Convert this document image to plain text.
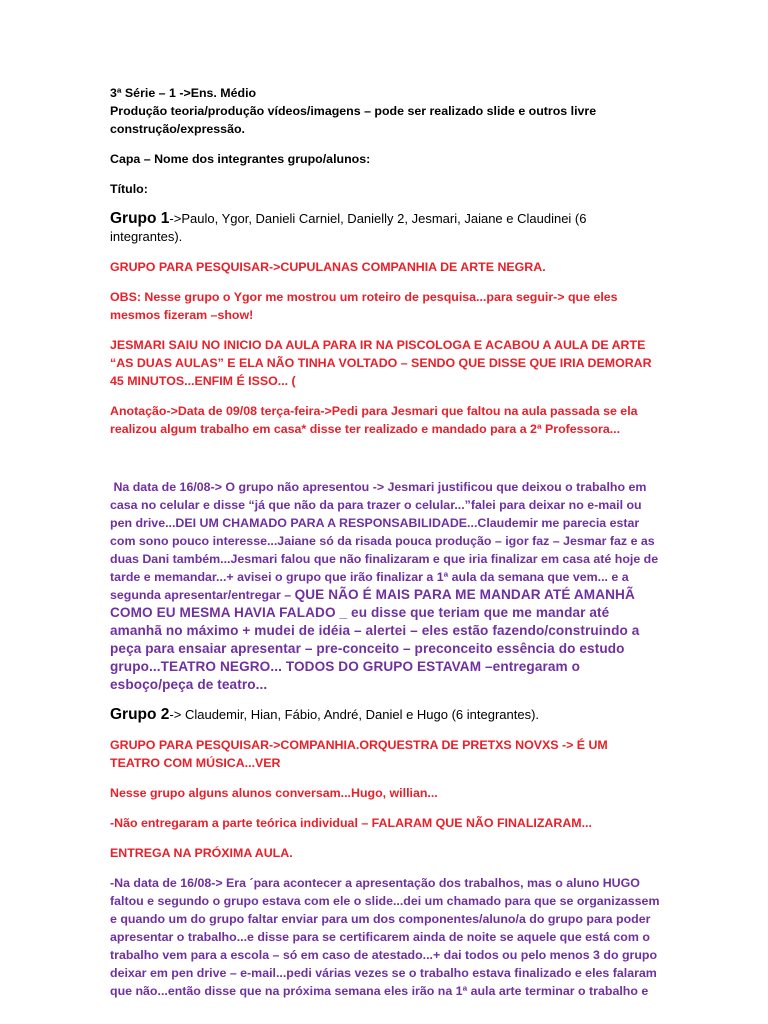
3ª Série – 1 ->Ens. Médio

Produção teoria/produção vídeos/imagens – pode ser realizado slide e outros livre construção/expressão.

Capa – Nome dos integrantes grupo/alunos:

Título:

Grupo 1->Paulo, Ygor, Danieli Carniel, Danielly 2, Jesmari, Jaiane e Claudinei (6 integrantes).

GRUPO PARA PESQUISAR->CUPULANAS COMPANHIA DE ARTE NEGRA.

OBS: Nesse grupo o Ygor me mostrou um roteiro de pesquisa...para seguir-> que eles mesmos fizeram –show!

JESMARI SAIU NO INICIO DA AULA PARA IR NA PISCOLOGA E ACABOU A AULA DE ARTE “AS DUAS AULAS” E ELA NÃO TINHA VOLTADO – SENDO QUE DISSE QUE IRIA DEMORAR 45 MINUTOS...ENFIM É ISSO... (

Anotação->Data de 09/08 terça-feira->Pedi para Jesmari que faltou na aula passada se ela realizou algum trabalho em casa* disse ter realizado e mandado para a 2ª Professora...

Na data de 16/08-> O grupo não apresentou -> Jesmari justificou que deixou o trabalho em casa no celular e disse “já que não da para trazer o celular...”falei para deixar no e-mail ou pen drive...DEI UM CHAMADO PARA A RESPONSABILIDADE...Claudemir me parecia estar com sono pouco interesse...Jaiane só da risada pouca produção – igor faz – Jesmar faz e as duas Dani também...Jesmari falou que não finalizaram e que iria finalizar em casa até hoje de tarde e memandar...+ avisei o grupo que irão finalizar a 1ª aula da semana que vem... e a segunda apresentar/entregar – QUE NÃO É MAIS PARA ME MANDAR ATÉ AMANHÃ COMO EU MESMA HAVIA FALADO _ eu disse que teriam que me mandar até amanhã no máximo + mudei de idéia – alertei – eles estão fazendo/construindo a peça para ensaiar apresentar – pre-conceito – preconceito essência do estudo grupo...TEATRO NEGRO... TODOS DO GRUPO ESTAVAM –entregaram o esboço/peça de teatro...

Grupo 2-> Claudemir, Hian, Fábio, André, Daniel e Hugo (6 integrantes).

GRUPO PARA PESQUISAR->COMPANHIA.ORQUESTRA DE PRETXS NOVXS -> É UM TEATRO COM MÚSICA...VER

Nesse grupo alguns alunos conversam...Hugo, willian...

-Não entregaram a parte teórica individual – FALARAM QUE NÃO FINALIZARAM...

ENTREGA NA PRÓXIMA AULA.

-Na data de 16/08-> Era ´para acontecer a apresentação dos trabalhos, mas o aluno HUGO faltou e segundo o grupo estava com ele o slide...dei um chamado para que se organizassem e quando um do grupo faltar enviar para um dos componentes/aluno/a do grupo para poder apresentar o trabalho...e disse para se certificarem ainda de noite se aquele que está com o trabalho vem para a escola – só em caso de atestado...+ dai todos ou pelo menos 3 do grupo deixar em pen drive – e-mail...pedi várias vezes se o trabalho estava finalizado e eles falaram que não...então disse que na próxima semana eles irão na 1ª aula arte terminar o trabalho e
